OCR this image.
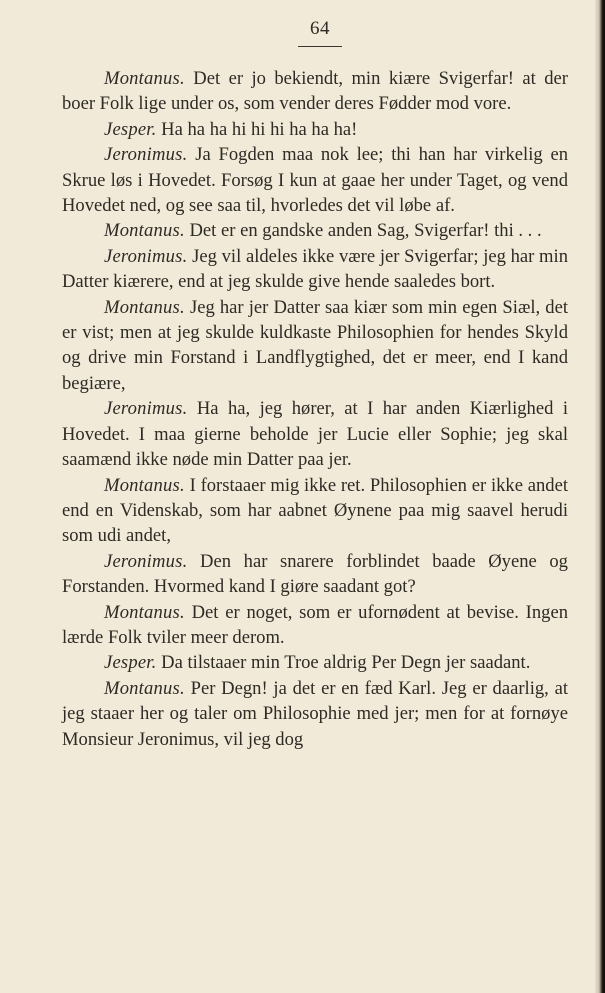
64

Montanus. Det er jo bekiendt, min kiære Svigerfar! at der boer Folk lige under os, som vender deres Fødder mod vore.

Jesper. Ha ha ha hi hi hi ha ha ha!

Jeronimus. Ja Fogden maa nok lee; thi han har virkelig en Skrue løs i Hovedet. Forsøg I kun at gaae her under Taget, og vend Hovedet ned, og see saa til, hvorledes det vil løbe af.

Montanus. Det er en gandske anden Sag, Svigerfar! thi . . .

Jeronimus. Jeg vil aldeles ikke være jer Svigerfar; jeg har min Datter kiærere, end at jeg skulde give hende saaledes bort.

Montanus. Jeg har jer Datter saa kiær som min egen Siæl, det er vist; men at jeg skulde kuldkaste Philosophien for hendes Skyld og drive min Forstand i Landflygtighed, det er meer, end I kand begiære,

Jeronimus. Ha ha, jeg hører, at I har anden Kiærlighed i Hovedet. I maa gierne beholde jer Lucie eller Sophie; jeg skal saamænd ikke nøde min Datter paa jer.

Montanus. I forstaaer mig ikke ret. Philosophien er ikke andet end en Videnskab, som har aabnet Øynene paa mig saavel herudi som udi andet,

Jeronimus. Den har snarere forblindet baade Øyene og Forstanden. Hvormed kand I giøre saadant got?

Montanus. Det er noget, som er ufornødent at bevise. Ingen lærde Folk tviler meer derom.

Jesper. Da tilstaaer min Troe aldrig Per Degn jer saadant.

Montanus. Per Degn! ja det er en fæd Karl. Jeg er daarlig, at jeg staaer her og taler om Philosophie med jer; men for at fornøye Monsieur Jeronimus, vil jeg dog
